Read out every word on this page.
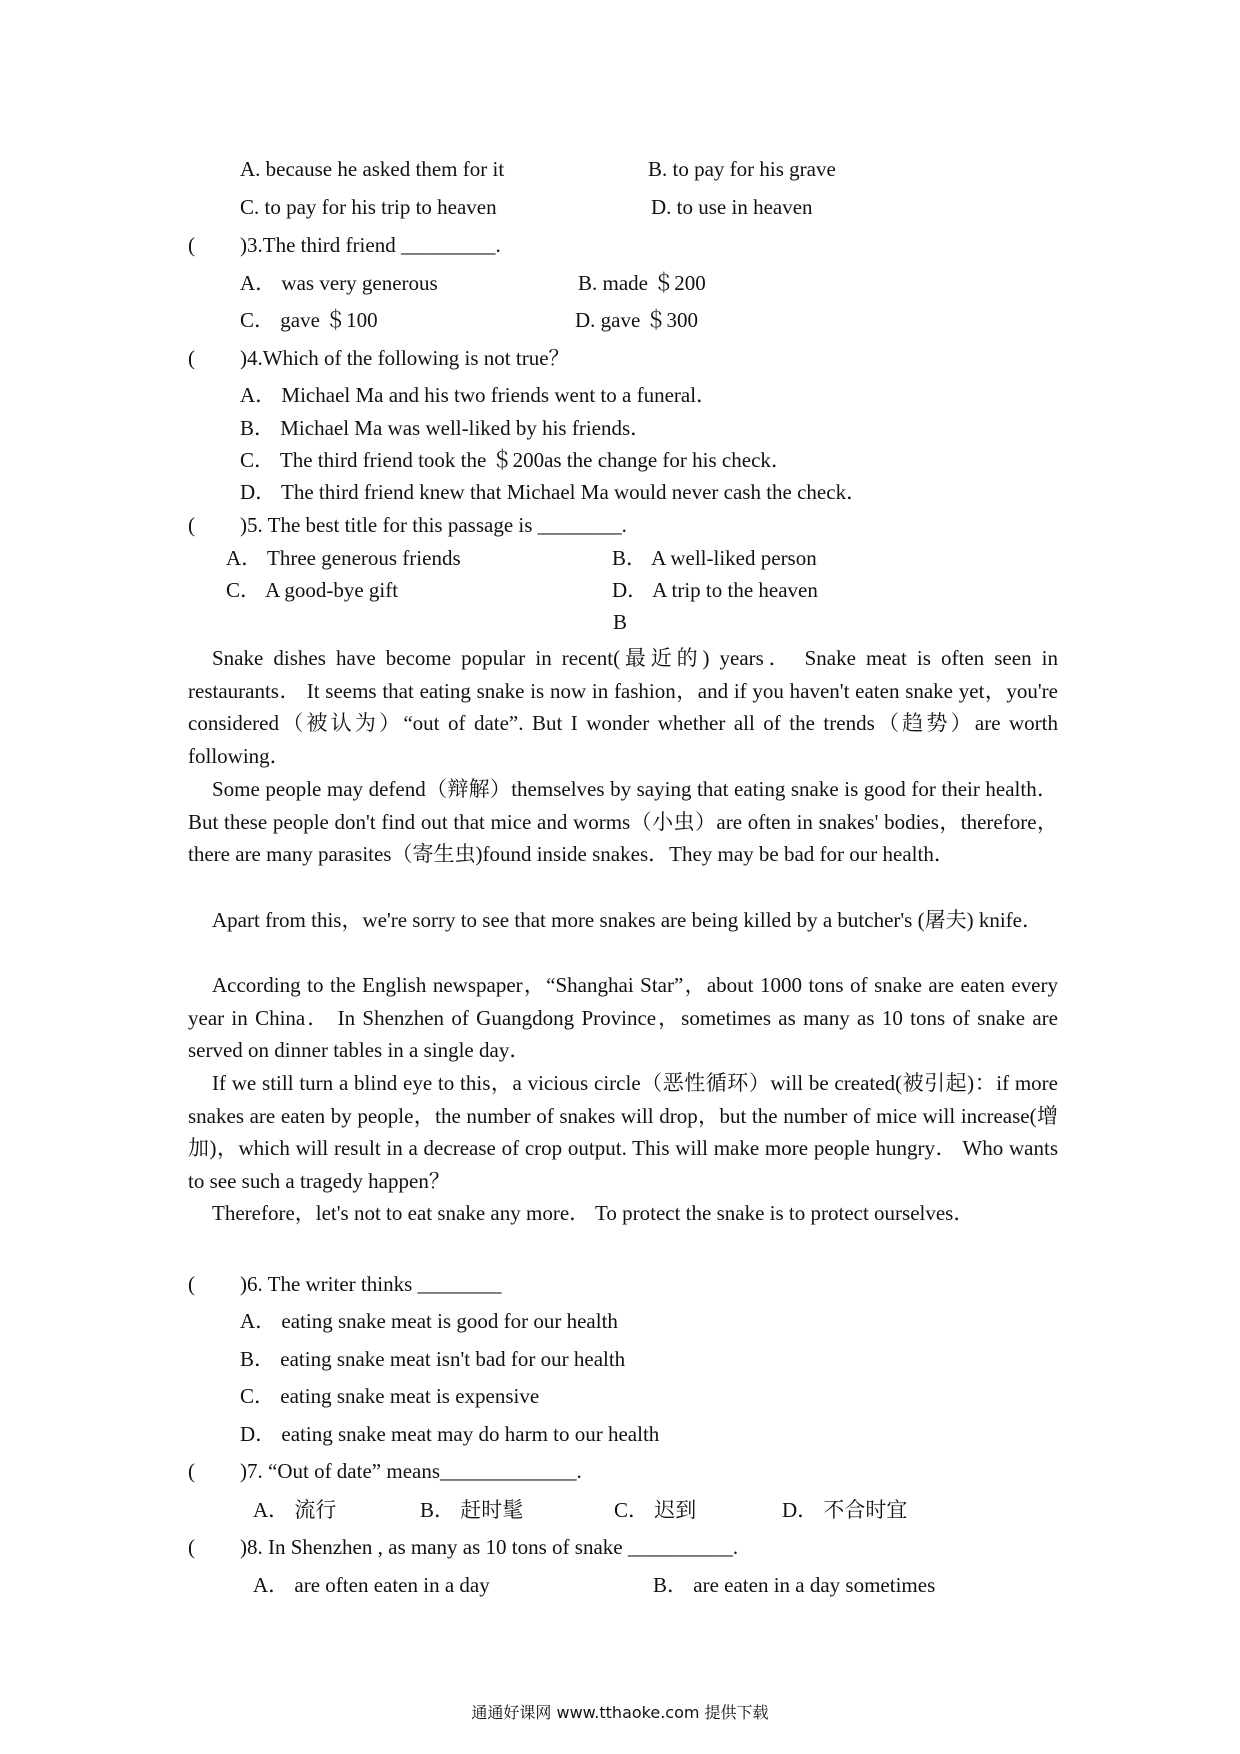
A. because he asked them for it	B. to pay for his grave
C. to pay for his trip to heaven	D. to use in heaven
( )3.The third friend _________.
A． was very generous	B. made ＄200
C． gave ＄100	D. gave ＄300
( )4.Which of the following is not true？
A． Michael Ma and his two friends went to a funeral．
B． Michael Ma was well-liked by his friends．
C． The third friend took the ＄200as the change for his check．
D． The third friend knew that Michael Ma would never cash the check．
( )5. The best title for this passage is ________.
A． Three generous friends	B． A well-liked person
C． A good-bye gift	D． A trip to the heaven
B
Snake dishes have become popular in recent(最近的) years． Snake meat is often seen in restaurants． It seems that eating snake is now in fashion，and if you haven't eaten snake yet，you're considered（被认为）“out of date”. But I wonder whether all of the trends（趋势）are worth following．
Some people may defend（辩解）themselves by saying that eating snake is good for their health． But these people don't find out that mice and worms（小虫）are often in snakes' bodies，therefore，there are many parasites（寄生虫)found inside snakes．They may be bad for our health．
Apart from this，we're sorry to see that more snakes are being killed by a butcher's (屠夫) knife．
According to the English newspaper，“Shanghai Star”，about 1000 tons of snake are eaten every year in China． In Shenzhen of Guangdong Province，sometimes as many as 10 tons of snake are served on dinner tables in a single day．
If we still turn a blind eye to this，a vicious circle（恶性循环）will be created(被引起)：if more snakes are eaten by people，the number of snakes will drop，but the number of mice will increase(增加)，which will result in a decrease of crop output. This will make more people hungry． Who wants to see such a tragedy happen？
Therefore，let's not to eat snake any more． To protect the snake is to protect ourselves．
( )6. The writer thinks ________
A． eating snake meat is good for our health
B． eating snake meat isn't bad for our health
C． eating snake meat is expensive
D． eating snake meat may do harm to our health
( )7. “Out of date” means_____________.
A． 流行	B． 赶时髦	C． 迟到	D． 不合时宜
( )8. In Shenzhen , as many as 10 tons of snake __________.
A． are often eaten in a day	B． are eaten in a day sometimes
通通好课网 www.tthaoke.com 提供下载
